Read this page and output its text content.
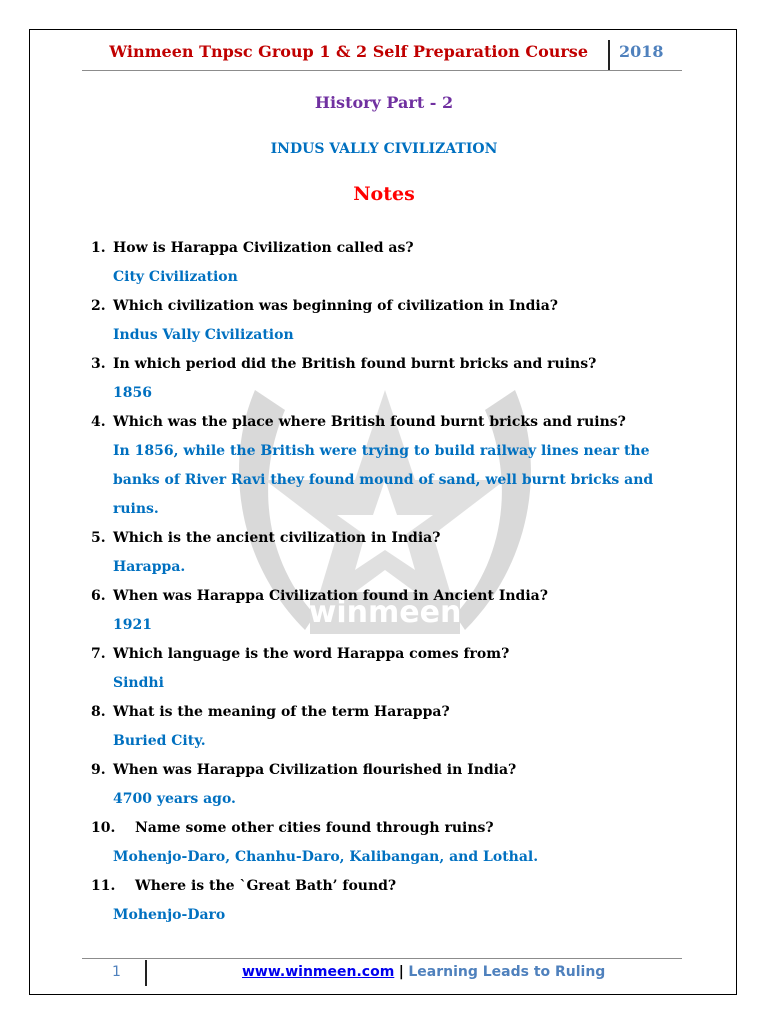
Winmeen Tnpsc Group 1 & 2 Self Preparation Course 2018
History Part - 2
INDUS VALLY CIVILIZATION
Notes
winmeen
1. How is Harappa Civilization called as?
City Civilization
2. Which civilization was beginning of civilization in India?
Indus Vally Civilization
3. In which period did the British found burnt bricks and ruins?
1856
4. Which was the place where British found burnt bricks and ruins?
In 1856, while the British were trying to build railway lines near the banks of River Ravi they found mound of sand, well burnt bricks and ruins.
5. Which is the ancient civilization in India?
Harappa.
6. When was Harappa Civilization found in Ancient India?
1921
7. Which language is the word Harappa comes from?
Sindhi
8. What is the meaning of the term Harappa?
Buried City.
9. When was Harappa Civilization flourished in India?
4700 years ago.
10. Name some other cities found through ruins?
Mohenjo-Daro, Chanhu-Daro, Kalibangan, and Lothal.
11. Where is the `Great Bath’ found?
Mohenjo-Daro
1	www.winmeen.com | Learning Leads to Ruling
